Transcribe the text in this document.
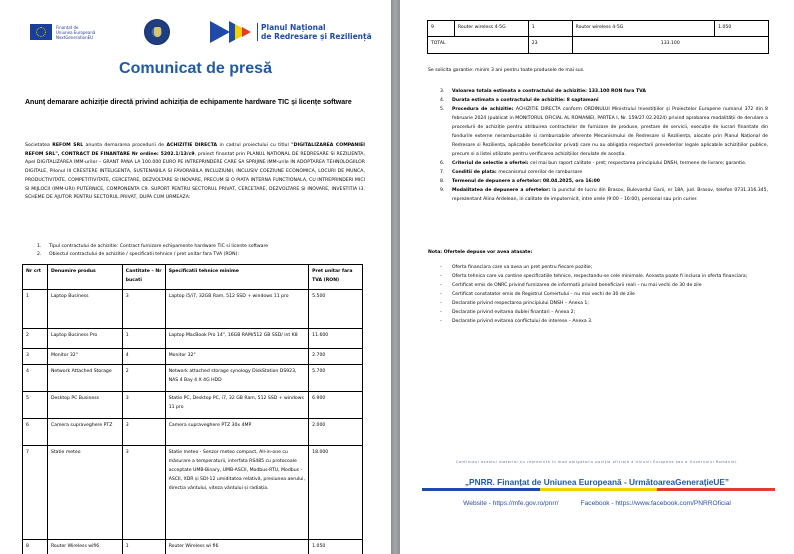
Finanțat de
Uniunea Europeană
NextGenerationEU
Planul Național
de Redresare și Reziliență
Comunicat de presă
Anunț demarare achiziție directă privind achiziția de echipamente hardware TIC și licențe software
Societatea REFOM SRL anunta demararea procedurii de ACHIZITIE DIRECTA in cadrul proiectului cu titlul "DIGITALIZAREA COMPANIEI REFOM SRL", CONTRACT DE FINANTARE Nr ordine: 5202.1/13/c9, proiect finantat prin PLANUL NATIONAL DE REDRESARE SI REZILIENTA, Apel DIGITALIZAREA IMM-urilor – GRANT PANA LA 100.000 EURO PE INTREPRINDERE CARE SA SPRIJINE IMM-urile IN ADOPTAREA TEHNOLOGIILOR DIGITALE, Pilonul III CRESTERE INTELIGENTA, SUSTENABILA SI FAVORABILA INCLUZIUNII, INCLUSIV COEZIUNE ECONOMICA, LOCURI DE MUNCA, PRODUCTIVITATE, COMPETITIVITATE, CERCETARE, DEZVOLTARE SI INOVARE, PRECUM SI O PIATA INTERNA FUNCTIONALA, CU INTREPRINDERI MICI SI MIJLOCII (IMM-URI) PUTERNICE, COMPONENTA C9. SUPORT PENTRU SECTORUL PRIVAT, CERCETARE, DEZVOLTARE ȘI INOVARE, INVESTITIA I3. SCHEME DE AJUTOR PENTRU SECTORUL PRIVAT, DUPA CUM URMEAZA:
1.	Tipul contractului de achizitie: Contract furnizare echipamente hardware TIC si licente software
2.	Obiectul contractului de achizitie / specificatii tehnice / pret unitar fara TVA (RON):
Nr crt	Denumire produs	Cantitate – Nr bucati	Specificatii tehnice minime	Pret unitar fara TVA (RON)
1	Laptop Business	3	Laptop i5/i7, 32GB Ram, 512 SSD + windows 11 pro	5.500
2	Laptop Business Pro	1	Laptop MacBook Pro 14", 16GB RAM/512 GB SSD/ int K8	11.600
3	Monitor 32"	4	Monitor 32"	2.700
4	Network Attached Storage	2	Network attached storage synology DiskStation DS923, NAS 4 Bay 4 X 4G HDD	5.700
5	Desktop PC Business	3	Statie PC, Desktop PC, i7, 32 GB Ram, 512 SSD + windows 11 pro	6.900
6	Camera supraveghere PTZ	3	Camera supraveghere PTZ 30x 4MP	2.000
7	Statie meteo	3	Statie meteo - Senzor meteo compact, All-in-one cu măsurare a temperaturii, interfata RS485 cu protocoale acceptate UMB-Binary, UMB-ASCII, Modbus-RTU, Modbus - ASCII, XDR și SDI-12 umiditatea relativă, presiunea aerului, direcția vântului, viteza vântului și radiația.	18.000
8	Router Wireless wifi6	1	Router Wireless wi fi6	1.050
9	Router wireless 4-5G	1	Router wireless 4-5G	1.050
TOTAL		23	133.100	
Se solicita garantie: minim 3 ani pentru toate produsele de mai sus.
3.	Valoarea totala estimata a contractului de achizitie: 133.100 RON fara TVA
4.	Durata estimata a contractului de achizitie: 8 saptamani
5.	Procedura de achizitie: ACHIZITIE DIRECTA conform ORDINULUI Ministrului Investițiilor și Proiectelor Europene numarul 372 din 8 februarie 2024 (publicat in MONITORUL OFICIAL AL ROMANIEI, PARTEA I, Nr. 159/27.02.2024) privind aprobarea modalității de derulare a procedurii de achiziție pentru atribuirea contractelor de furnizare de produse, prestare de servicii, execuție de lucrari finantate din fondurile externe nerambursabile si rambursabile aferente Mecanismului de Redresare si Reziliența, alocate prin Planul Național de Redresare si Reziliența, aplicabile beneficiarilor privați care nu au obligația respectarii prevederilor legale aplicabile achizițiilor publice, precum si a listei utilizate pentru verificarea achizițiilor derulate de aceștia.
6.	Criteriul de selectie a ofertei: cel mai bun raport calitate - pret; respectarea principiului DNSH, termene de livrare; garantie.
7.	Conditii de plata: mecanismul cererilor de rambursare
8.	Termenul de depunere a ofertelor: 08.04.2025, ora 16:00
9.	Modalitatea de depunere a ofertelor: la punctul de lucru din Brasov, Bulevardul Garii, nr 18A, jud. Brasov, telefon 0731.316.345, reprezentant Alina Ardelean, in calitate de imputernicit, intre orele (9:00 – 16:00), personal sau prin curier.
Nota: Ofertele depuse vor avea atasate:
-	Oferta financiara care va avea un pret pentru fiecare pozitie;
-	Oferta tehnica care va contine specificatiile tehnice, respectandu-se cele minimale. Aceasta poate fi inclusa in oferta financiara;
-	Certificat emis de ONRC privind furnizarea de informatii privind beneficiarii reali – nu mai vechi de 30 de zile
-	Certificat constatator emis de Registrul Comertului – nu mai vechi de 30 de zile
-	Declaratie privind respectarea principiului DNSH – Anexa 1;
-	Declaratie privind evitarea dublei finantari – Anexa 2;
-	Declaratie privind evitarea conflictului de interese – Anexa 3.
Conținutul acestui material nu reprezintă în mod obligatoriu poziția oficială a Uniunii Europene sau a Guvernului României.
„PNRR. Finanțat de Uniunea Europeană - UrmătoareaGenerațieUE”
Website - https://mfe.gov.ro/pnrr/	Facebook - https://www.facebook.com/PNRROficial
